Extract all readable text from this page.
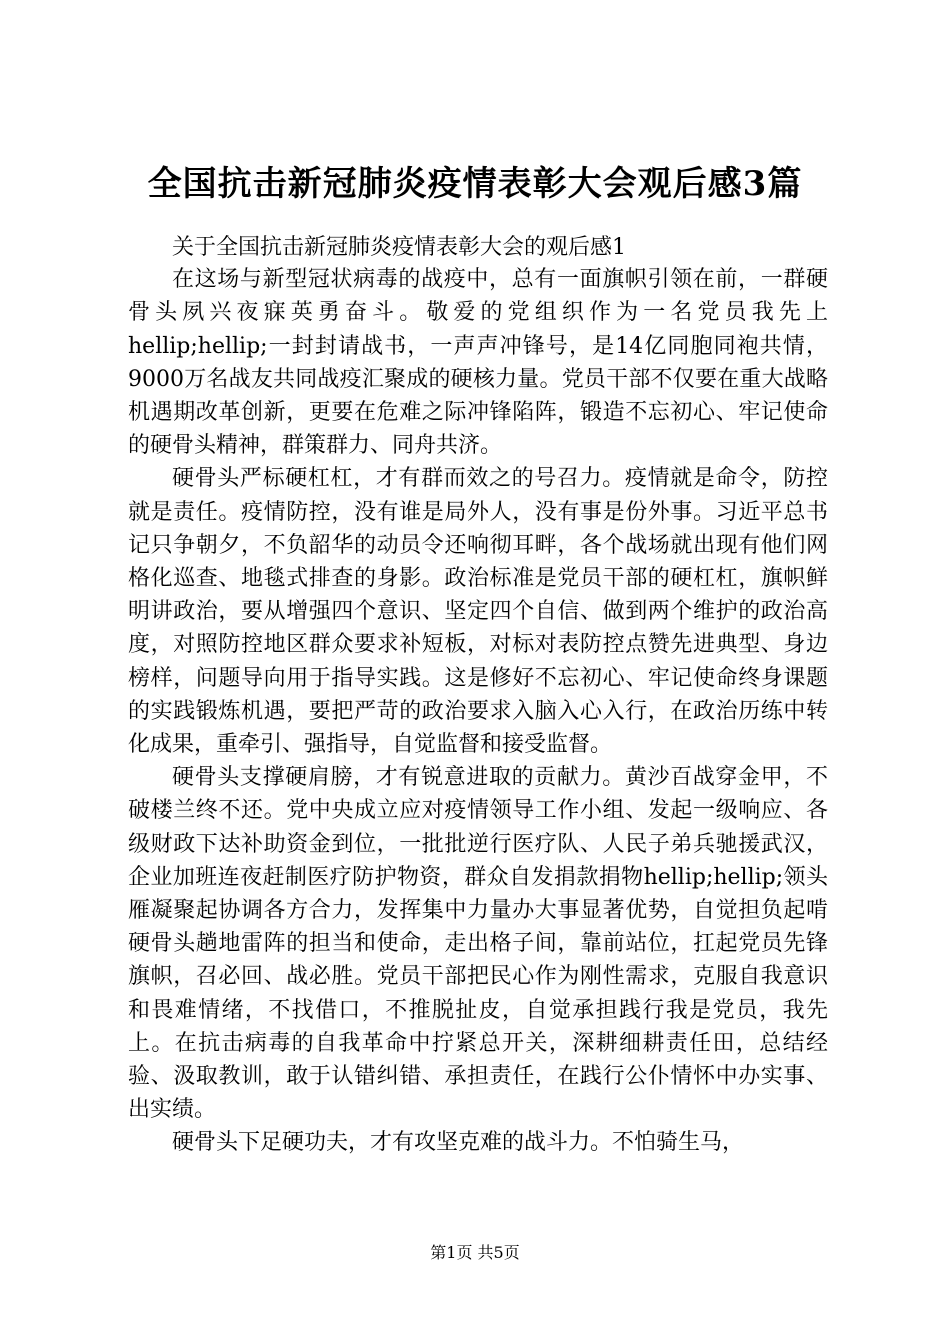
全国抗击新冠肺炎疫情表彰大会观后感3篇
关于全国抗击新冠肺炎疫情表彰大会的观后感1

在这场与新型冠状病毒的战疫中，总有一面旗帜引领在前，一群硬骨头夙兴夜寐英勇奋斗。敬爱的党组织作为一名党员我先上hellip;hellip;一封封请战书，一声声冲锋号，是14亿同胞同袍共情，9000万名战友共同战疫汇聚成的硬核力量。党员干部不仅要在重大战略机遇期改革创新，更要在危难之际冲锋陷阵，锻造不忘初心、牢记使命的硬骨头精神，群策群力、同舟共济。

硬骨头严标硬杠杠，才有群而效之的号召力。疫情就是命令，防控就是责任。疫情防控，没有谁是局外人，没有事是份外事。习近平总书记只争朝夕，不负韶华的动员令还响彻耳畔，各个战场就出现有他们网格化巡查、地毯式排查的身影。政治标准是党员干部的硬杠杠，旗帜鲜明讲政治，要从增强四个意识、坚定四个自信、做到两个维护的政治高度，对照防控地区群众要求补短板，对标对表防控点赞先进典型、身边榜样，问题导向用于指导实践。这是修好不忘初心、牢记使命终身课题的实践锻炼机遇，要把严苛的政治要求入脑入心入行，在政治历练中转化成果，重牵引、强指导，自觉监督和接受监督。

硬骨头支撑硬肩膀，才有锐意进取的贡献力。黄沙百战穿金甲，不破楼兰终不还。党中央成立应对疫情领导工作小组、发起一级响应、各级财政下达补助资金到位，一批批逆行医疗队、人民子弟兵驰援武汉，企业加班连夜赶制医疗防护物资，群众自发捐款捐物hellip;hellip;领头雁凝聚起协调各方合力，发挥集中力量办大事显著优势，自觉担负起啃硬骨头趟地雷阵的担当和使命，走出格子间，靠前站位，扛起党员先锋旗帜，召必回、战必胜。党员干部把民心作为刚性需求，克服自我意识和畏难情绪，不找借口，不推脱扯皮，自觉承担践行我是党员，我先上。在抗击病毒的自我革命中拧紧总开关，深耕细耕责任田，总结经验、汲取教训，敢于认错纠错、承担责任，在践行公仆情怀中办实事、出实绩。

硬骨头下足硬功夫，才有攻坚克难的战斗力。不怕骑生马，

第1页 共5页
